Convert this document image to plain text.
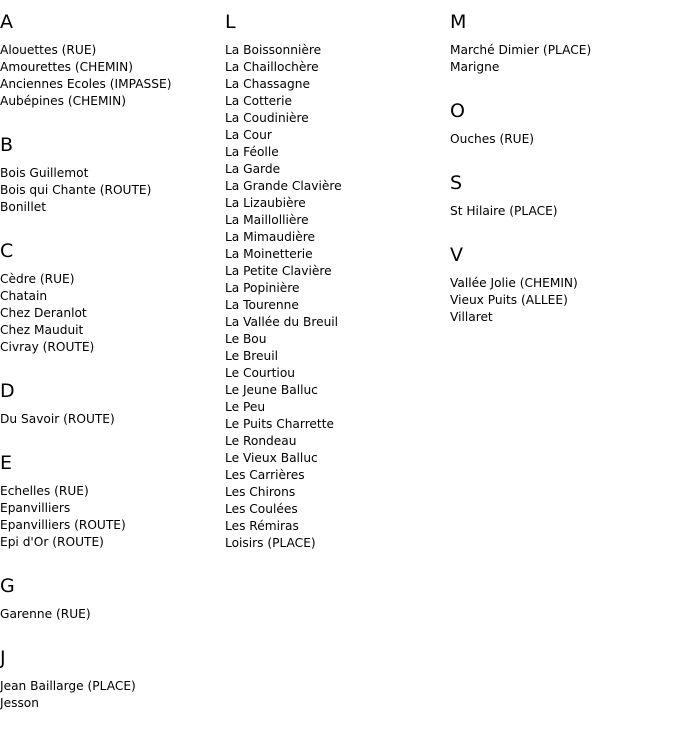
A
Alouettes (RUE)
Amourettes (CHEMIN)
Anciennes Ecoles (IMPASSE)
Aubépines (CHEMIN)
B
Bois Guillemot
Bois qui Chante (ROUTE)
Bonillet
C
Cèdre (RUE)
Chatain
Chez Deranlot
Chez Mauduit
Civray (ROUTE)
D
Du Savoir (ROUTE)
E
Echelles (RUE)
Epanvilliers
Epanvilliers (ROUTE)
Epi d'Or (ROUTE)
G
Garenne (RUE)
J
Jean Baillarge (PLACE)
Jesson
L
La Boissonnière
La Chaillochère
La Chassagne
La Cotterie
La Coudinière
La Cour
La Féolle
La Garde
La Grande Clavière
La Lizaubière
La Maillollière
La Mimaudière
La Moinetterie
La Petite Clavière
La Popinière
La Tourenne
La Vallée du Breuil
Le Bou
Le Breuil
Le Courtiou
Le Jeune Balluc
Le Peu
Le Puits Charrette
Le Rondeau
Le Vieux Balluc
Les Carrières
Les Chirons
Les Coulées
Les Rémiras
Loisirs (PLACE)
M
Marché Dimier (PLACE)
Marigne
O
Ouches (RUE)
S
St Hilaire (PLACE)
V
Vallée Jolie (CHEMIN)
Vieux Puits (ALLEE)
Villaret
